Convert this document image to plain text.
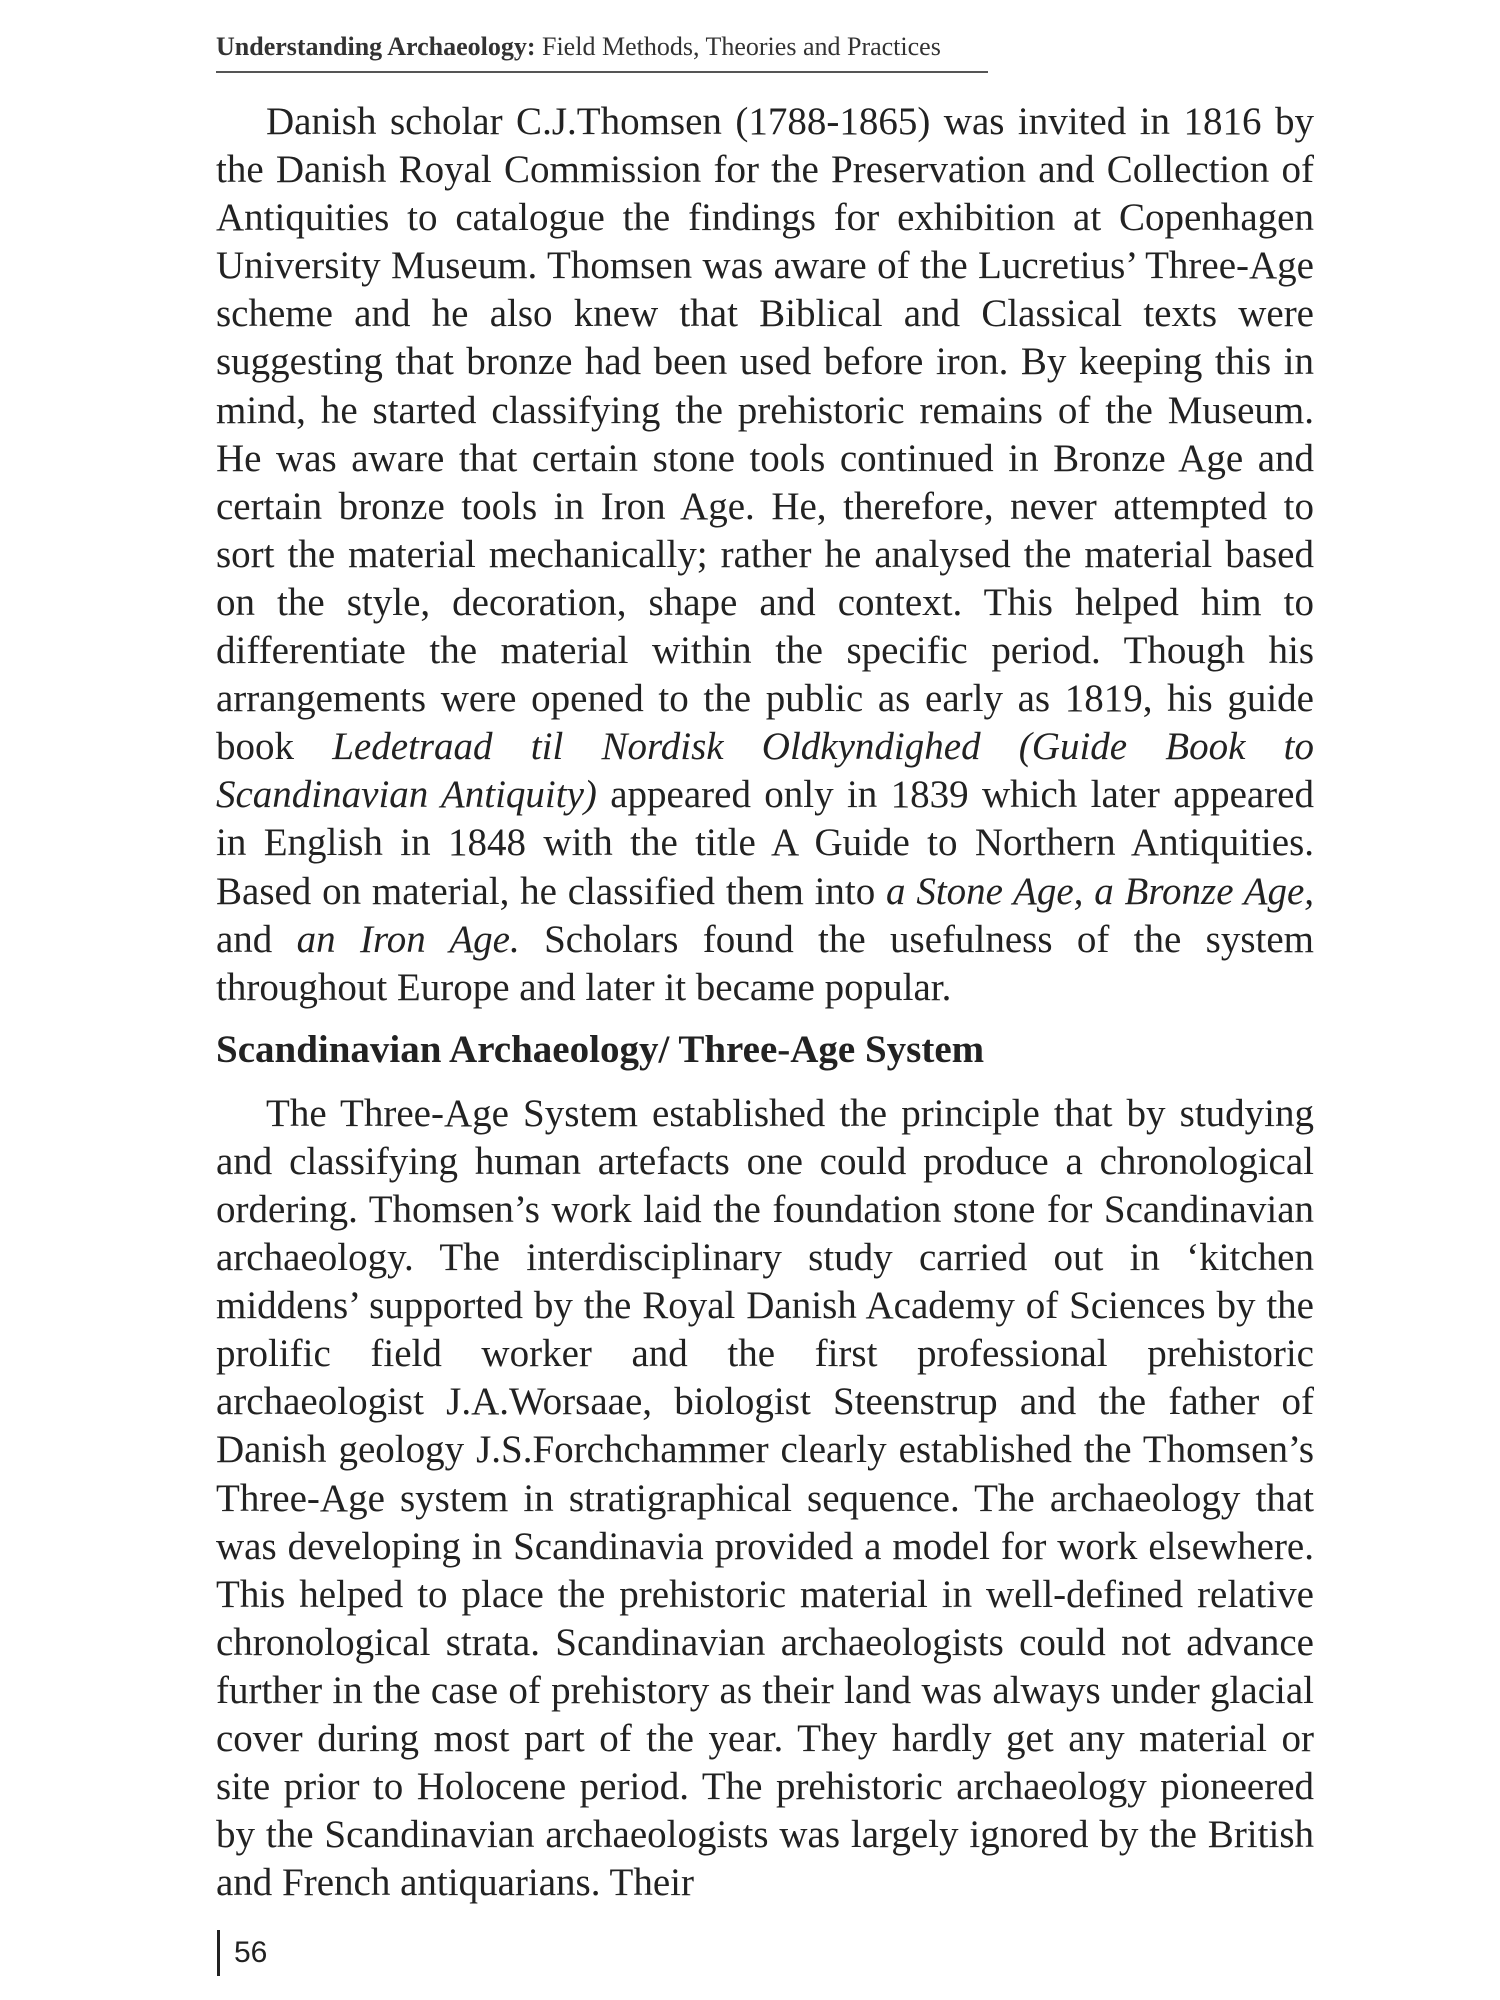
Understanding Archaeology: Field Methods, Theories and Practices

Danish scholar C.J.Thomsen (1788-1865) was invited in 1816 by the Danish Royal Commission for the Preservation and Collection of Antiquities to catalogue the findings for exhibition at Copenhagen University Museum. Thomsen was aware of the Lucretius’ Three-Age scheme and he also knew that Biblical and Classical texts were suggesting that bronze had been used before iron. By keeping this in mind, he started classifying the prehistoric remains of the Museum. He was aware that certain stone tools continued in Bronze Age and certain bronze tools in Iron Age. He, therefore, never attempted to sort the material mechanically; rather he analysed the material based on the style, decoration, shape and context. This helped him to differentiate the material within the specific period. Though his arrangements were opened to the public as early as 1819, his guide book Ledetraad til Nordisk Oldkyndighed (Guide Book to Scandinavian Antiquity) appeared only in 1839 which later appeared in English in 1848 with the title A Guide to Northern Antiquities. Based on material, he classified them into a Stone Age, a Bronze Age, and an Iron Age. Scholars found the usefulness of the system throughout Europe and later it became popular.

Scandinavian Archaeology/ Three-Age System

The Three-Age System established the principle that by studying and classifying human artefacts one could produce a chronological ordering. Thomsen’s work laid the foundation stone for Scandinavian archaeology. The interdisciplinary study carried out in ‘kitchen middens’ supported by the Royal Danish Academy of Sciences by the prolific field worker and the first professional prehistoric archaeologist J.A.Worsaae, biologist Steenstrup and the father of Danish geology J.S.Forchchammer clearly established the Thomsen’s Three-Age system in stratigraphical sequence. The archaeology that was developing in Scandinavia provided a model for work elsewhere. This helped to place the prehistoric material in well-defined relative chronological strata. Scandinavian archaeologists could not advance further in the case of prehistory as their land was always under glacial cover during most part of the year. They hardly get any material or site prior to Holocene period. The prehistoric archaeology pioneered by the Scandinavian archaeologists was largely ignored by the British and French antiquarians. Their

56
